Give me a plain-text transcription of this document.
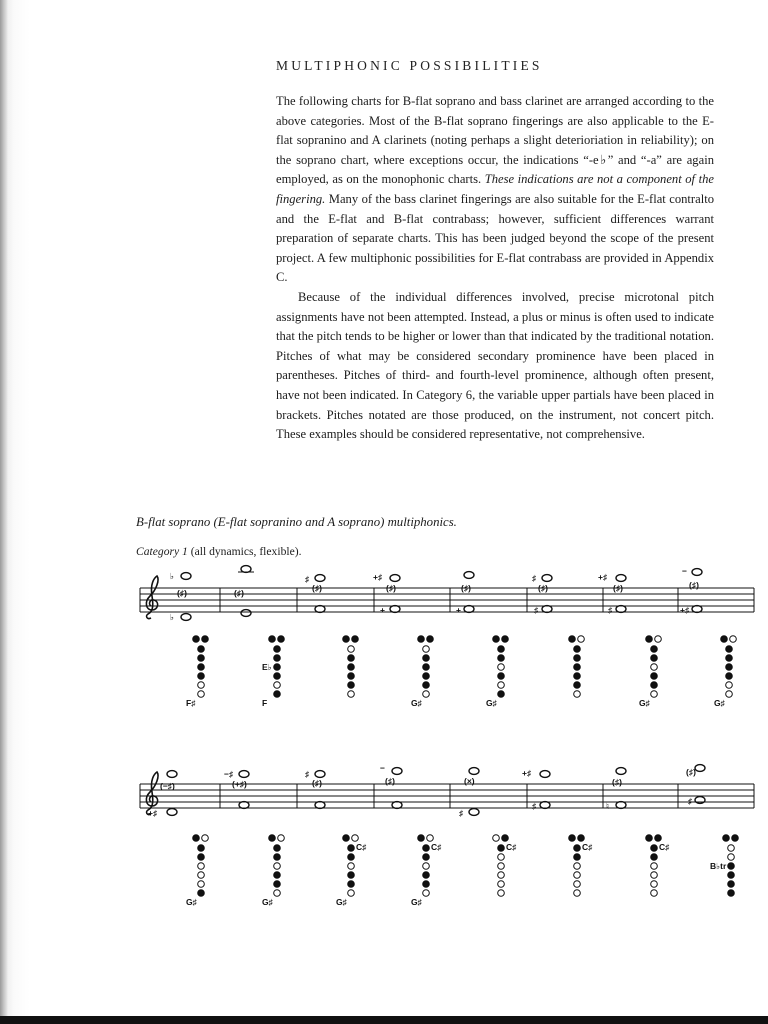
MULTIPHONIC POSSIBILITIES

The following charts for B-flat soprano and bass clarinet are arranged according to the above categories. Most of the B-flat soprano fingerings are also applicable to the E-flat sopranino and A clarinets (noting perhaps a slight deterioriation in reliability); on the soprano chart, where exceptions occur, the indications “-e♭” and “-a” are again employed, as on the monophonic charts. These indications are not a component of the fingering. Many of the bass clarinet fingerings are also suitable for the E-flat contralto and the E-flat and B-flat contrabass; however, sufficient differences warrant preparation of separate charts. This has been judged beyond the scope of the present project. A few multiphonic possibilities for E-flat contrabass are provided in Appendix C.

Because of the individual differences involved, precise microtonal pitch assignments have not been attempted. Instead, a plus or minus is often used to indicate that the pitch tends to be higher or lower than that indicated by the traditional notation. Pitches of what may be considered secondary prominence have been placed in parentheses. Pitches of third- and fourth-level prominence, although often present, have not been indicated. In Category 6, the variable upper partials have been placed in brackets. Pitches notated are those produced, on the instrument, not concert pitch. These examples should be considered representative, not comprehensive.

B-flat soprano (E-flat sopranino and A soprano) multiphonics.
Category 1 (all dynamics, flexible).
♭
♭
(♯)	(♯)
♯
(♯)
+♯
+
(♯)
+
(♯)
♯
♯
(♯)
+♯
♯
(♯)
−
+♯
(♯)
F♯
E♭
F	G♯	G♯	G♯	G♯
+♯
(−♯)
−♯
(+♯)
♯
(♯)
−
(♯)
♯
(×)
+♯
♯	♮
(♯)
♯
(♯)
G♯	G♯
C♯
G♯
C♯
G♯
C♯	C♯	C♯
B♭tr
